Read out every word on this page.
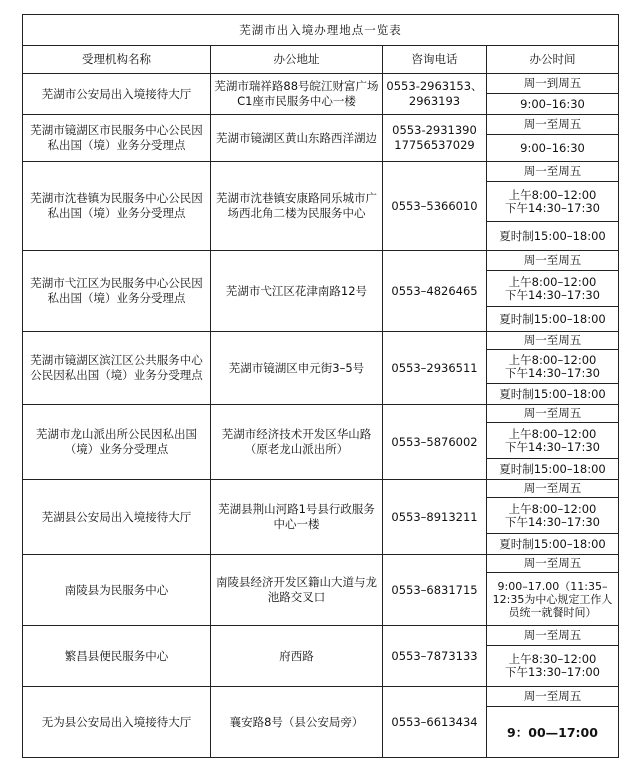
芜湖市出入境办理地点一览表			
受理机构名称	办公地址	咨询电话	办公时间
芜湖市公安局出入境接待大厅	芜湖市瑞祥路88号皖江财富广场C1座市民服务中心一楼	0553-2963153、2963193	周一到周五
9:00–16:30

芜湖市镜湖区市民服务中心公民因私出国（境）业务分受理点	芜湖市镜湖区黄山东路西洋湖边	0553-2931390 17756537029	周一至周五
9:00–16:30

芜湖市沈巷镇为民服务中心公民因私出国（境）业务分受理点	芜湖市沈巷镇安康路同乐城市广场西北角二楼为民服务中心	0553–5366010	周一至周五
上午8:00–12:00
下午14:30–17:30
夏时制15:00–18:00

芜湖市弋江区为民服务中心公民因私出国（境）业务分受理点	芜湖市弋江区花津南路12号	0553–4826465	周一至周五
上午8:00–12:00
下午14:30–17:30
夏时制15:00–18:00

芜湖市镜湖区滨江区公共服务中心公民因私出国（境）业务分受理点	芜湖市镜湖区申元街3–5号	0553–2936511	周一至周五
上午8:00–12:00
下午14:30–17:30
夏时制15:00–18:00

芜湖市龙山派出所公民因私出国（境）业务分受理点	芜湖市经济技术开发区华山路（原老龙山派出所）	0553–5876002	周一至周五
上午8:00–12:00
下午14:30–17:30
夏时制15:00–18:00

芜湖县公安局出入境接待大厅	芜湖县荆山河路1号县行政服务中心一楼	0553–8913211	周一至周五
上午8:00–12:00
下午14:30–17:30
夏时制15:00–18:00

南陵县为民服务中心	南陵县经济开发区籍山大道与龙池路交叉口	0553–6831715	周一至周五
9:00–17.00（11:35–12:35为中心规定工作人员统一就餐时间）

繁昌县便民服务中心	府西路	0553–7873133	周一至周五
上午8:30–12:00
下午13:30–17:00

无为县公安局出入境接待大厅	襄安路8号（县公安局旁）	0553–6613434	周一至周五
9：00—17:00
